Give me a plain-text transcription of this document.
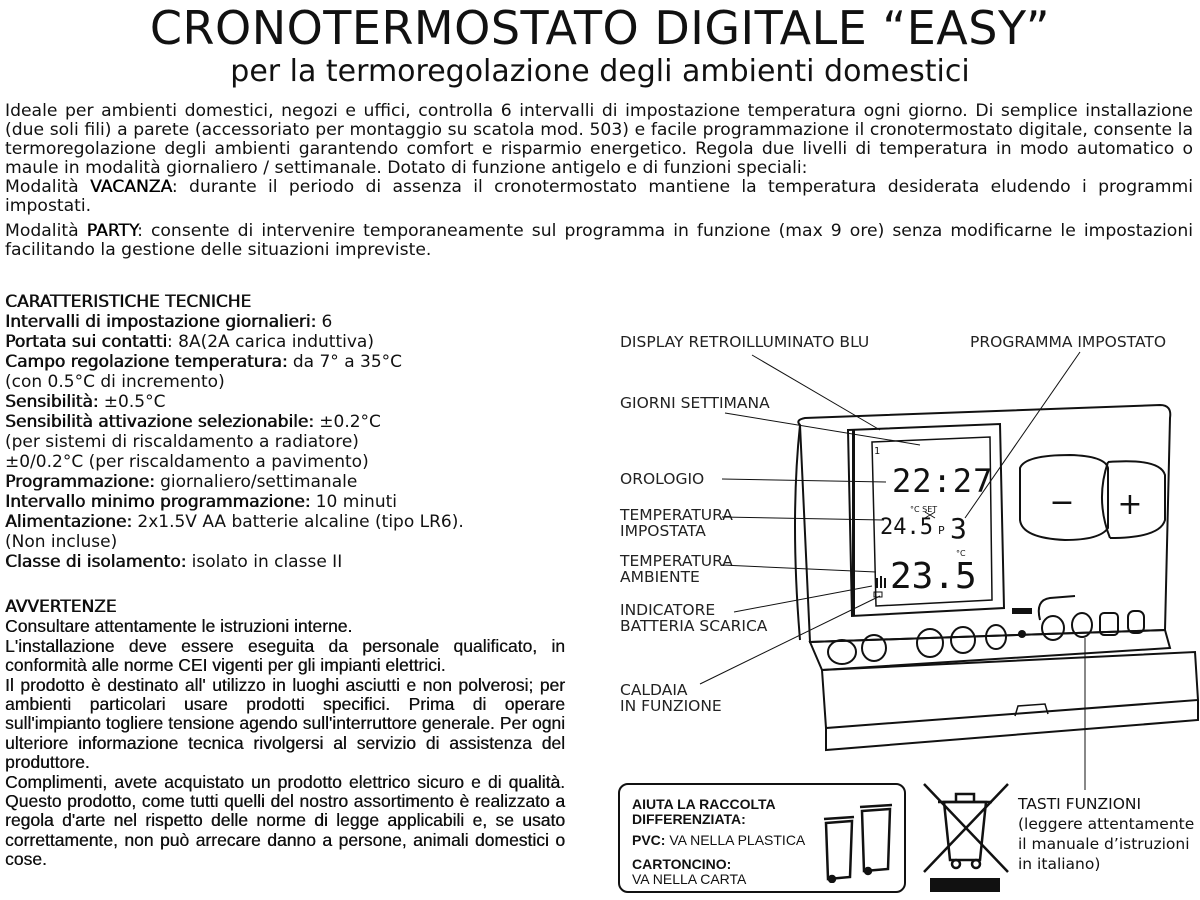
CRONOTERMOSTATO DIGITALE “EASY”
per la termoregolazione degli ambienti domestici

Ideale per ambienti domestici, negozi e uffici, controlla 6 intervalli di impostazione temperatura ogni giorno. Di semplice installazione (due soli fili) a parete (accessoriato per montaggio su scatola mod. 503) e facile programmazione il cronotermostato digitale, consente la termoregolazione degli ambienti garantendo comfort e risparmio energetico. Regola due livelli di temperatura in modo automatico o maule in modalità giornaliero / settimanale. Dotato di funzione antigelo e di funzioni speciali:
Modalità VACANZA: durante il periodo di assenza il cronotermostato mantiene la temperatura desiderata eludendo i programmi impostati.

Modalità PARTY: consente di intervenire temporaneamente sul programma in funzione (max 9 ore) senza modificarne le impostazioni facilitando la gestione delle situazioni impreviste.

CARATTERISTICHE TECNICHE
Intervalli di impostazione giornalieri: 6
Portata sui contatti: 8A(2A carica induttiva)
Campo regolazione temperatura: da 7° a 35°C
(con 0.5°C di incremento)
Sensibilità: ±0.5°C
Sensibilità attivazione selezionabile: ±0.2°C
(per sistemi di riscaldamento a radiatore)
±0/0.2°C (per riscaldamento a pavimento)
Programmazione: giornaliero/settimanale
Intervallo minimo programmazione: 10 minuti
Alimentazione: 2x1.5V AA batterie alcaline (tipo LR6).
(Non incluse)
Classe di isolamento: isolato in classe II
AVVERTENZE

Consultare attentamente le istruzioni interne.

L'installazione deve essere eseguita da personale qualificato, in conformità alle norme CEI vigenti per gli impianti elettrici.

Il prodotto è destinato all' utilizzo in luoghi asciutti e non polverosi; per ambienti particolari usare prodotti specifici. Prima di operare sull'impianto togliere tensione agendo sull'interruttore generale. Per ogni ulteriore informazione tecnica rivolgersi al servizio di assistenza del produttore.

Complimenti, avete acquistato un prodotto elettrico sicuro e di qualità. Questo prodotto, come tutti quelli del nostro assortimento è realizzato a regola d'arte nel rispetto delle norme di legge applicabili e, se usato correttamente, non può arrecare danno a persone, animali domestici o cose.

DISPLAY RETROILLUMINATO BLU	PROGRAMMA IMPOSTATO
GIORNI SETTIMANA
OROLOGIO
TEMPERATURA
IMPOSTATA
TEMPERATURA
AMBIENTE
INDICATORE
BATTERIA SCARICA
CALDAIA
IN FUNZIONE
1
22:27
24.5
°C SET
P 3
23.5
°C
− +
AIUTA LA RACCOLTA
DIFFERENZIATA:
PVC: VA NELLA PLASTICA
CARTONCINO:
VA NELLA CARTA
TASTI FUNZIONI
(leggere attentamente
il manuale d’istruzioni
in italiano)
